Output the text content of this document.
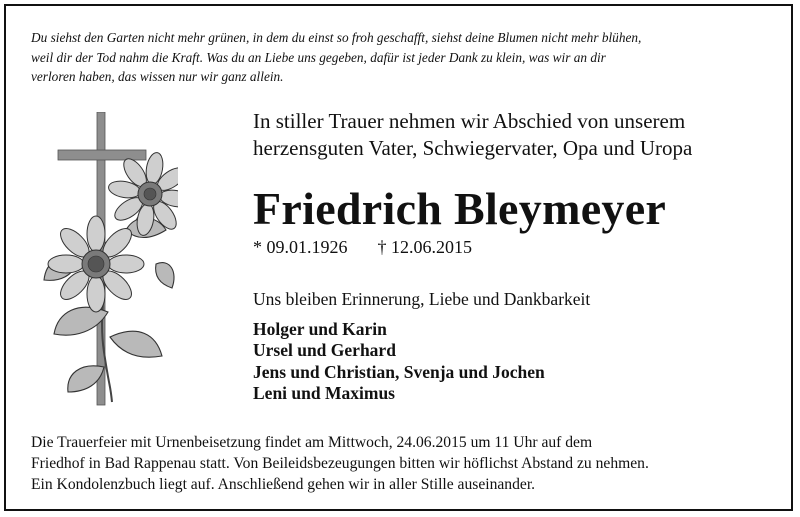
Du siehst den Garten nicht mehr grünen, in dem du einst so froh geschafft, siehst deine Blumen nicht mehr blühen,
weil dir der Tod nahm die Kraft. Was du an Liebe uns gegeben, dafür ist jeder Dank zu klein, was wir an dir
verloren haben, das wissen nur wir ganz allein.

In stiller Trauer nehmen wir Abschied von unserem
herzensguten Vater, Schwiegervater, Opa und Uropa

Friedrich Bleymeyer
* 09.01.1926 † 12.06.2015
Uns bleiben Erinnerung, Liebe und Dankbarkeit
Holger und Karin
Ursel und Gerhard
Jens und Christian, Svenja und Jochen
Leni und Maximus

Die Trauerfeier mit Urnenbeisetzung findet am Mittwoch, 24.06.2015 um 11 Uhr auf dem
Friedhof in Bad Rappenau statt. Von Beileidsbezeugungen bitten wir höflichst Abstand zu nehmen.
Ein Kondolenzbuch liegt auf. Anschließend gehen wir in aller Stille auseinander.
